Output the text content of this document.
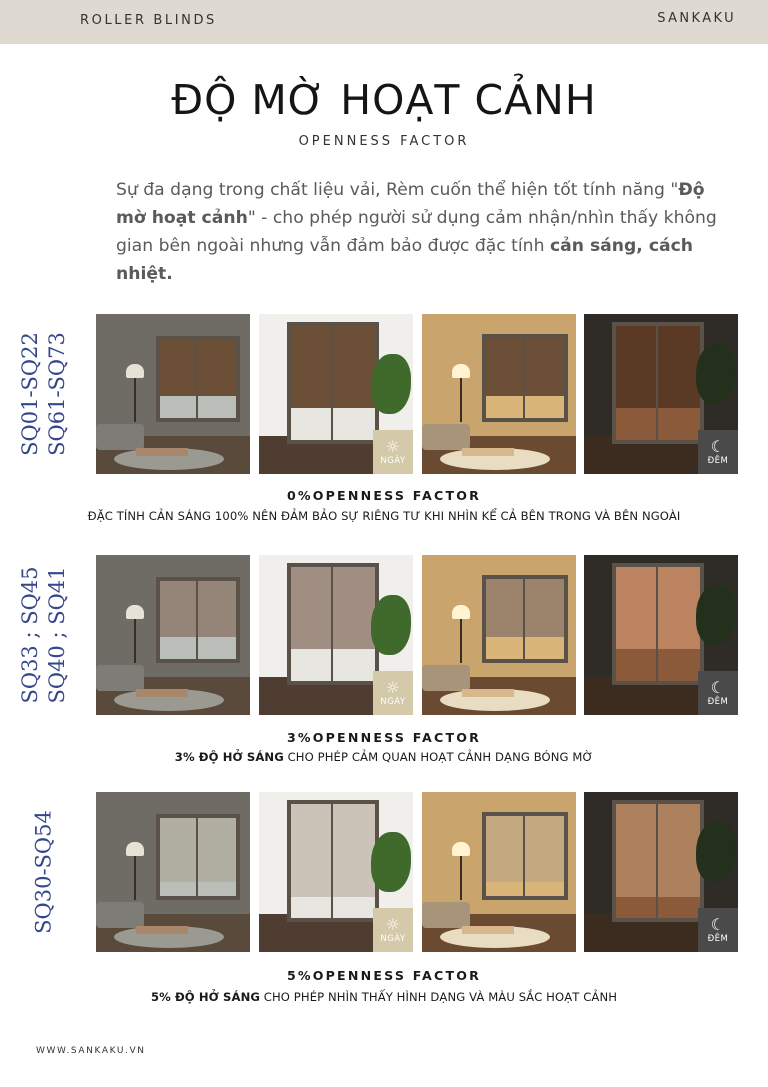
ROLLER BLINDS	SANKAKU
ĐỘ MỜ HOẠT CẢNH
OPENNESS FACTOR

Sự đa dạng trong chất liệu vải, Rèm cuốn thể hiện tốt tính năng "Độ mờ hoạt cảnh" - cho phép người sử dụng cảm nhận/nhìn thấy không gian bên ngoài nhưng vẫn đảm bảo được đặc tính cản sáng, cách nhiệt.

SQ01-SQ22 SQ61-SQ73	☼
NGÀY
☾
ĐÊM
0%OPENNESS FACTOR
ĐẶC TÍNH CẢN SÁNG 100% NÊN ĐẢM BẢO SỰ RIÊNG TƯ KHI NHÌN KỂ CẢ BÊN TRONG VÀ BÊN NGOÀI
SQ33 ; SQ45 SQ40 ; SQ41	☼
NGÀY
☾
ĐÊM
3%OPENNESS FACTOR
3% ĐỘ HỞ SÁNG CHO PHÉP CẢM QUAN HOẠT CẢNH DẠNG BÓNG MỜ
SQ30-SQ54	☼
NGÀY
☾
ĐÊM
5%OPENNESS FACTOR
5% ĐỘ HỞ SÁNG CHO PHÉP NHÌN THẤY HÌNH DẠNG VÀ MÀU SẮC HOẠT CẢNH
WWW.SANKAKU.VN
